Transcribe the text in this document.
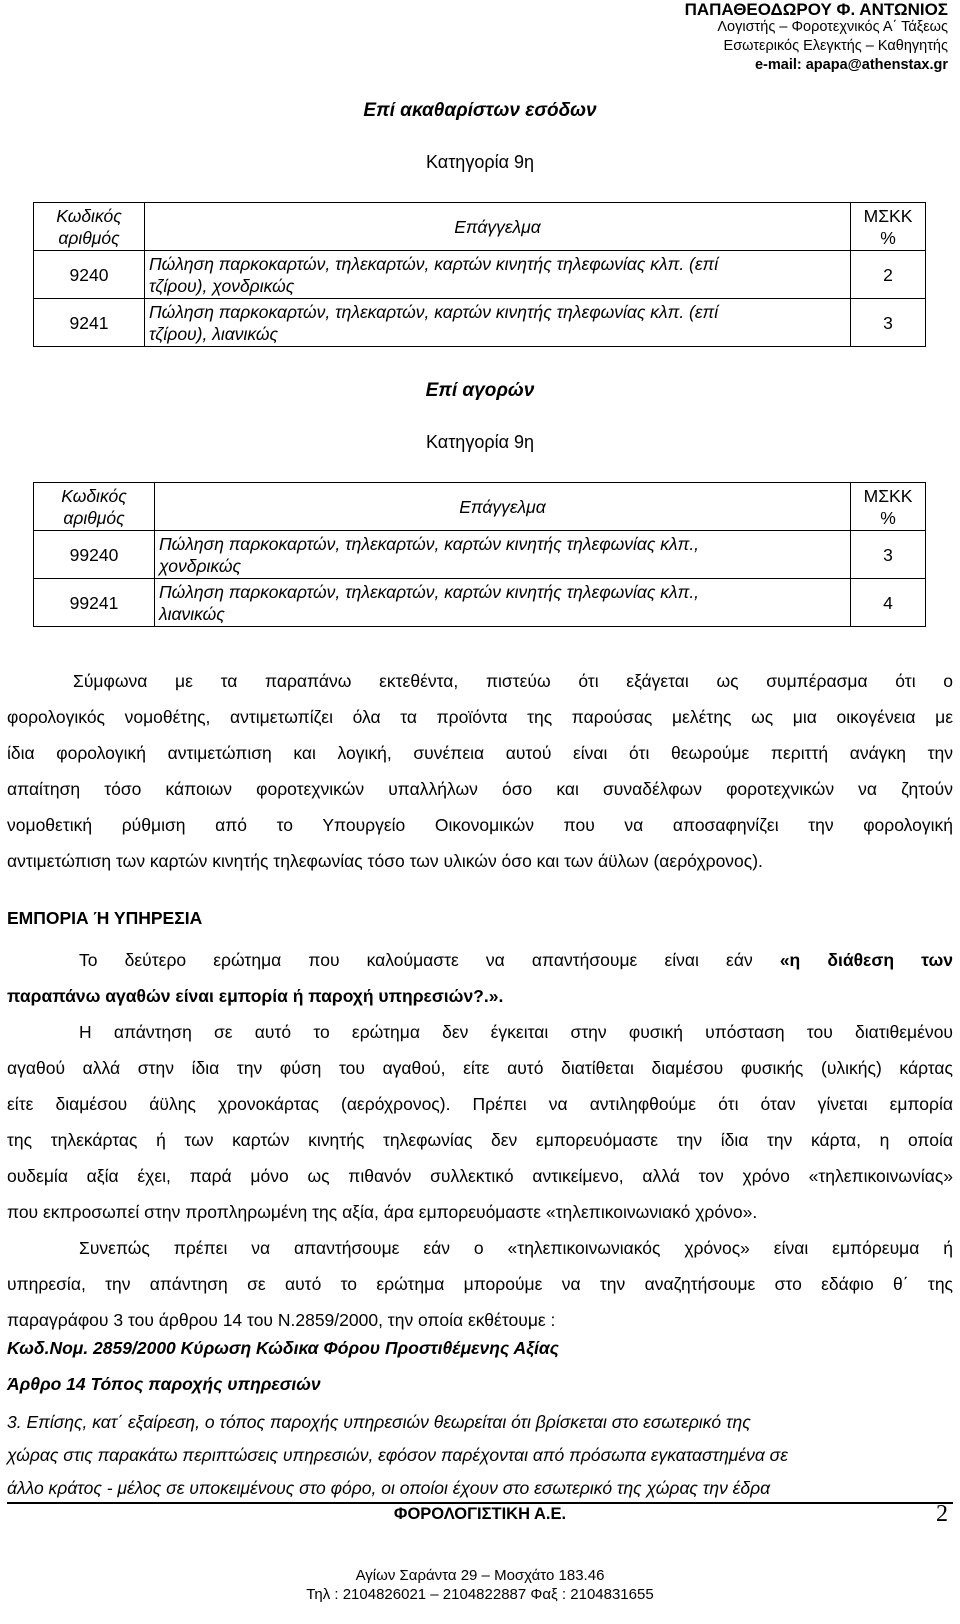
ΠΑΠΑΘΕΟΔΩΡΟΥ Φ. ΑΝΤΩΝΙΟΣ
Λογιστής – Φοροτεχνικός Α΄ Τάξεως
Εσωτερικός Ελεγκτής – Καθηγητής
e-mail: apapa@athenstax.gr
Επί ακαθαρίστων εσόδων
Κατηγορία 9η
Κωδικός αριθμός	Επάγγελμα	ΜΣΚΚ %
9240	Πώληση παρκοκαρτών, τηλεκαρτών, καρτών κινητής τηλεφωνίας κλπ. (επί
τζίρου), χονδρικώς	2
9241	Πώληση παρκοκαρτών, τηλεκαρτών, καρτών κινητής τηλεφωνίας κλπ. (επί
τζίρου), λιανικώς	3
Επί αγορών
Κατηγορία 9η
Κωδικός αριθμός	Επάγγελμα	ΜΣΚΚ %
99240	Πώληση παρκοκαρτών, τηλεκαρτών, καρτών κινητής τηλεφωνίας κλπ.,
χονδρικώς	3
99241	Πώληση παρκοκαρτών, τηλεκαρτών, καρτών κινητής τηλεφωνίας κλπ.,
λιανικώς	4

Σύμφωνα με τα παραπάνω εκτεθέντα, πιστεύω ότι εξάγεται ως συμπέρασμα ότι ο

φορολογικός νομοθέτης, αντιμετωπίζει όλα τα προϊόντα της παρούσας μελέτης ως μια οικογένεια με

ίδια φορολογική αντιμετώπιση και λογική, συνέπεια αυτού είναι ότι θεωρούμε περιττή ανάγκη την

απαίτηση τόσο κάποιων φοροτεχνικών υπαλλήλων όσο και συναδέλφων φοροτεχνικών να ζητούν

νομοθετική ρύθμιση από το Υπουργείο Οικονομικών που να αποσαφηνίζει την φορολογική

αντιμετώπιση των καρτών κινητής τηλεφωνίας τόσο των υλικών όσο και των άϋλων (αερόχρονος).

ΕΜΠΟΡΙΑ Ή ΥΠΗΡΕΣΙΑ

Το δεύτερο ερώτημα που καλούμαστε να απαντήσουμε είναι εάν «η διάθεση των

παραπάνω αγαθών είναι εμπορία ή παροχή υπηρεσιών?.».

Η απάντηση σε αυτό το ερώτημα δεν έγκειται στην φυσική υπόσταση του διατιθεμένου

αγαθού αλλά στην ίδια την φύση του αγαθού, είτε αυτό διατίθεται διαμέσου φυσικής (υλικής) κάρτας

είτε διαμέσου άϋλης χρονοκάρτας (αερόχρονος). Πρέπει να αντιληφθούμε ότι όταν γίνεται εμπορία

της τηλεκάρτας ή των καρτών κινητής τηλεφωνίας δεν εμπορευόμαστε την ίδια την κάρτα, η οποία

ουδεμία αξία έχει, παρά μόνο ως πιθανόν συλλεκτικό αντικείμενο, αλλά τον χρόνο «τηλεπικοινωνίας»

που εκπροσωπεί στην προπληρωμένη της αξία, άρα εμπορευόμαστε «τηλεπικοινωνιακό χρόνο».

Συνεπώς πρέπει να απαντήσουμε εάν ο «τηλεπικοινωνιακός χρόνος» είναι εμπόρευμα ή

υπηρεσία, την απάντηση σε αυτό το ερώτημα μπορούμε να την αναζητήσουμε στο εδάφιο θ΄ της

παραγράφου 3 του άρθρου 14 του Ν.2859/2000, την οποία εκθέτουμε :

Κωδ.Νομ. 2859/2000 Κύρωση Κώδικα Φόρου Προστιθέμενης Αξίας
Άρθρο 14 Τόπος παροχής υπηρεσιών

3. Επίσης, κατ΄ εξαίρεση, ο τόπος παροχής υπηρεσιών θεωρείται ότι βρίσκεται στο εσωτερικό της

χώρας στις παρακάτω περιπτώσεις υπηρεσιών, εφόσον παρέχονται από πρόσωπα εγκαταστημένα σε

άλλο κράτος - μέλος σε υποκειμένους στο φόρο, οι οποίοι έχουν στο εσωτερικό της χώρας την έδρα

ΦΟΡΟΛΟΓΙΣΤΙΚΗ Α.Ε.	2
Αγίων Σαράντα 29 – Μοσχάτο 183.46
Τηλ : 2104826021 – 2104822887 Φαξ : 2104831655
